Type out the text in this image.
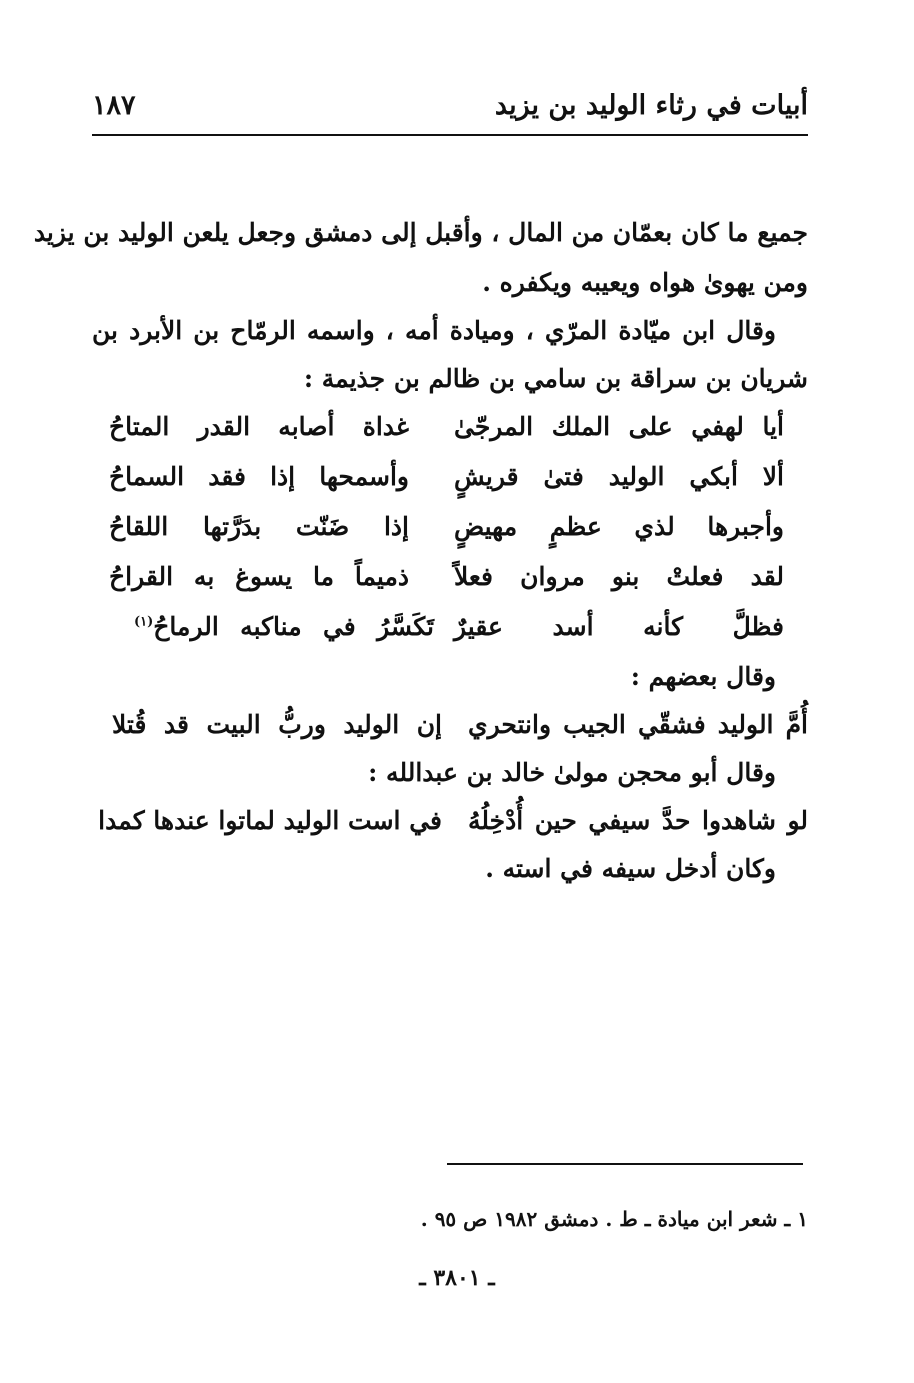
أبيات في رثاء الوليد بن يزيد
١٨٧
جميع ما كان بعمّان من المال ، وأقبل إلى دمشق وجعل يلعن الوليد بن يزيد
ومن يهوىٰ هواه ويعيبه ويكفره .
وقال ابن ميّادة المرّي ، وميادة أمه ، واسمه الرمّاح بن الأبرد بن
شريان بن سراقة بن سامي بن ظالم بن جذيمة :
أيا لهفي على الملك المرجّىٰ
غداة أصابه القدر المتاحُ
ألا أبكي الوليد فتىٰ قريشٍ
وأسمحها إذا فقد السماحُ
وأجبرها لذي عظمٍ مهيضٍ
إذا ضَنّت بدَرَّتها اللقاحُ
لقد فعلتْ بنو مروان فعلاً
ذميماً ما يسوغ به القراحُ
فظلَّ كأنه أسد عقيرٌ
تَكَسَّرُ في مناكبه الرماحُ$^{(١)}$
وقال بعضهم :
أُمَّ الوليد فشقّي الجيب وانتحري
إن الوليد وربُّ البيت قد قُتلا
وقال أبو محجن مولىٰ خالد بن عبدالله :
لو شاهدوا حدَّ سيفي حين أُدْخِلُهُ
في است الوليد لماتوا عندها كمدا
وكان أدخل سيفه في استه .
١ ـ شعر ابن ميادة ـ ط . دمشق ١٩٨٢ ص ٩٥ .
ـ ٣٨٠١ ـ
